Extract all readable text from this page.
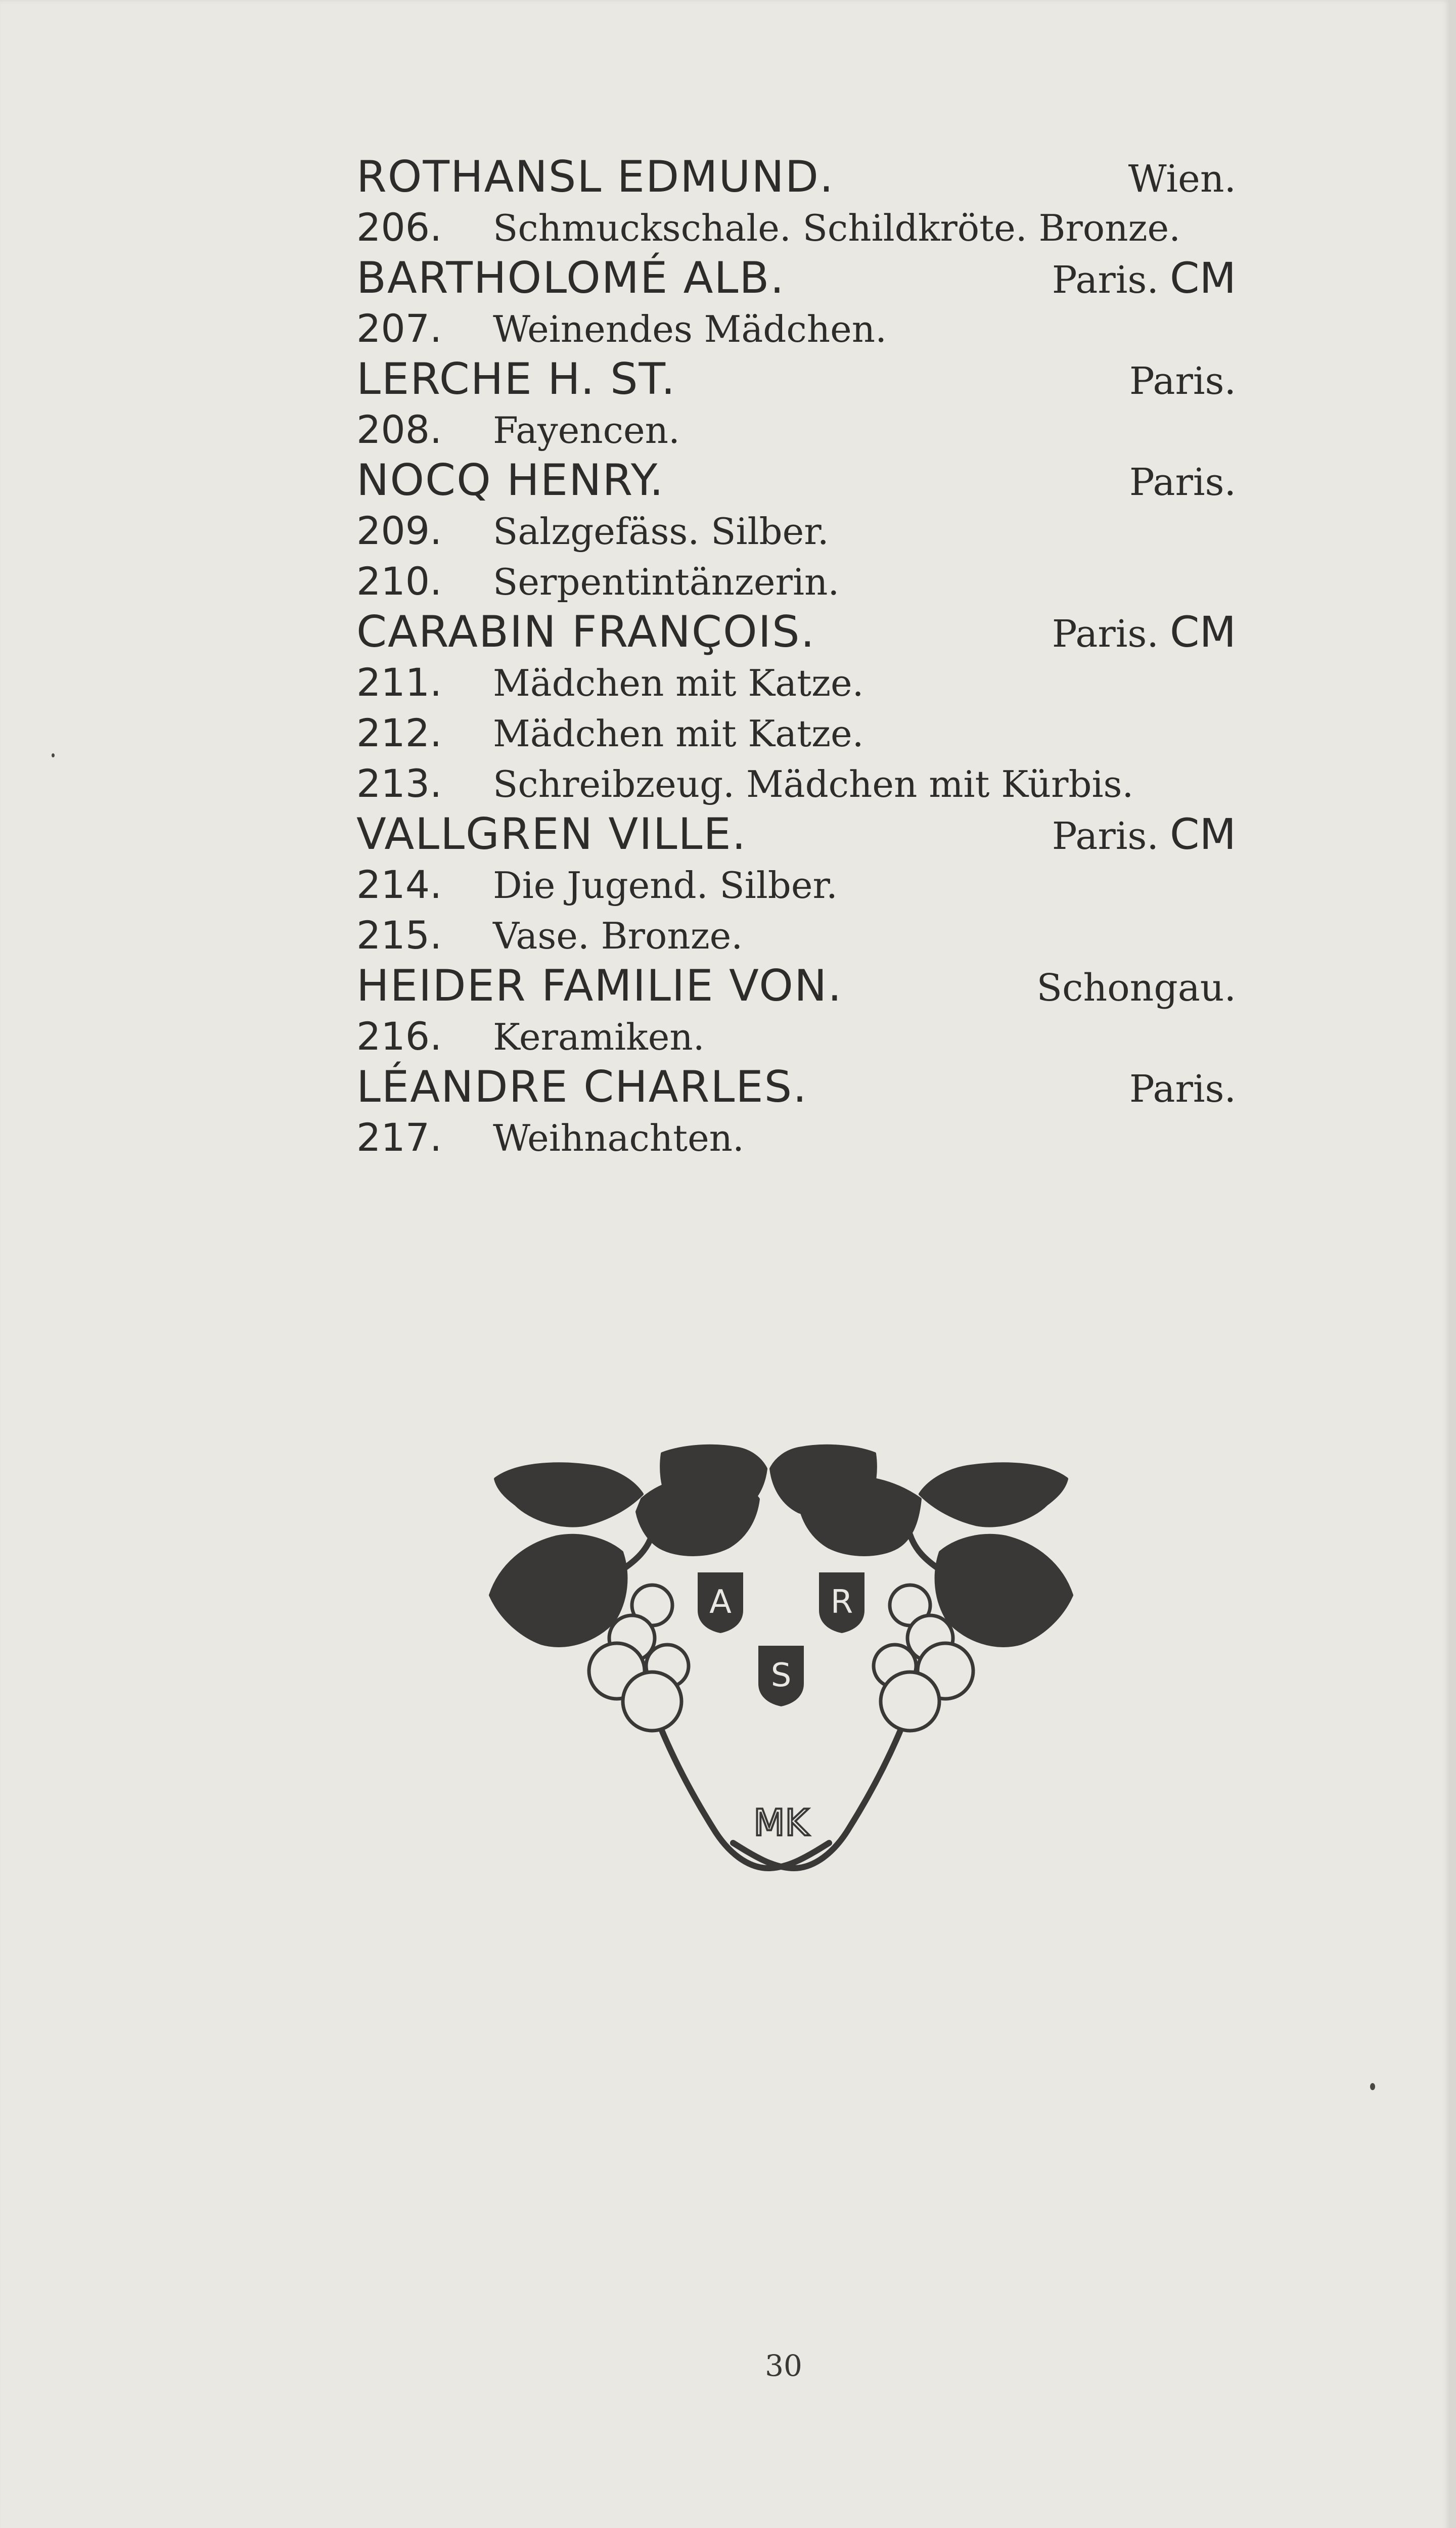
ROTHANSL EDMUND.	Wien.
206.	Schmuckschale. Schildkröte. Bronze.
BARTHOLOMÉ ALB.	Paris. CM
207.	Weinendes Mädchen.
LERCHE H. ST.	Paris.
208.	Fayencen.
NOCQ HENRY.	Paris.
209.	Salzgefäss. Silber.
210.	Serpentintänzerin.
CARABIN FRANÇOIS.	Paris. CM
211.	Mädchen mit Katze.
212.	Mädchen mit Katze.
213.	Schreibzeug. Mädchen mit Kürbis.
VALLGREN VILLE.	Paris. CM
214.	Die Jugend. Silber.
215.	Vase. Bronze.
HEIDER FAMILIE VON.	Schongau.
216.	Keramiken.
LÉANDRE CHARLES.	Paris.
217.	Weihnachten.
A	R
S
MK
30
